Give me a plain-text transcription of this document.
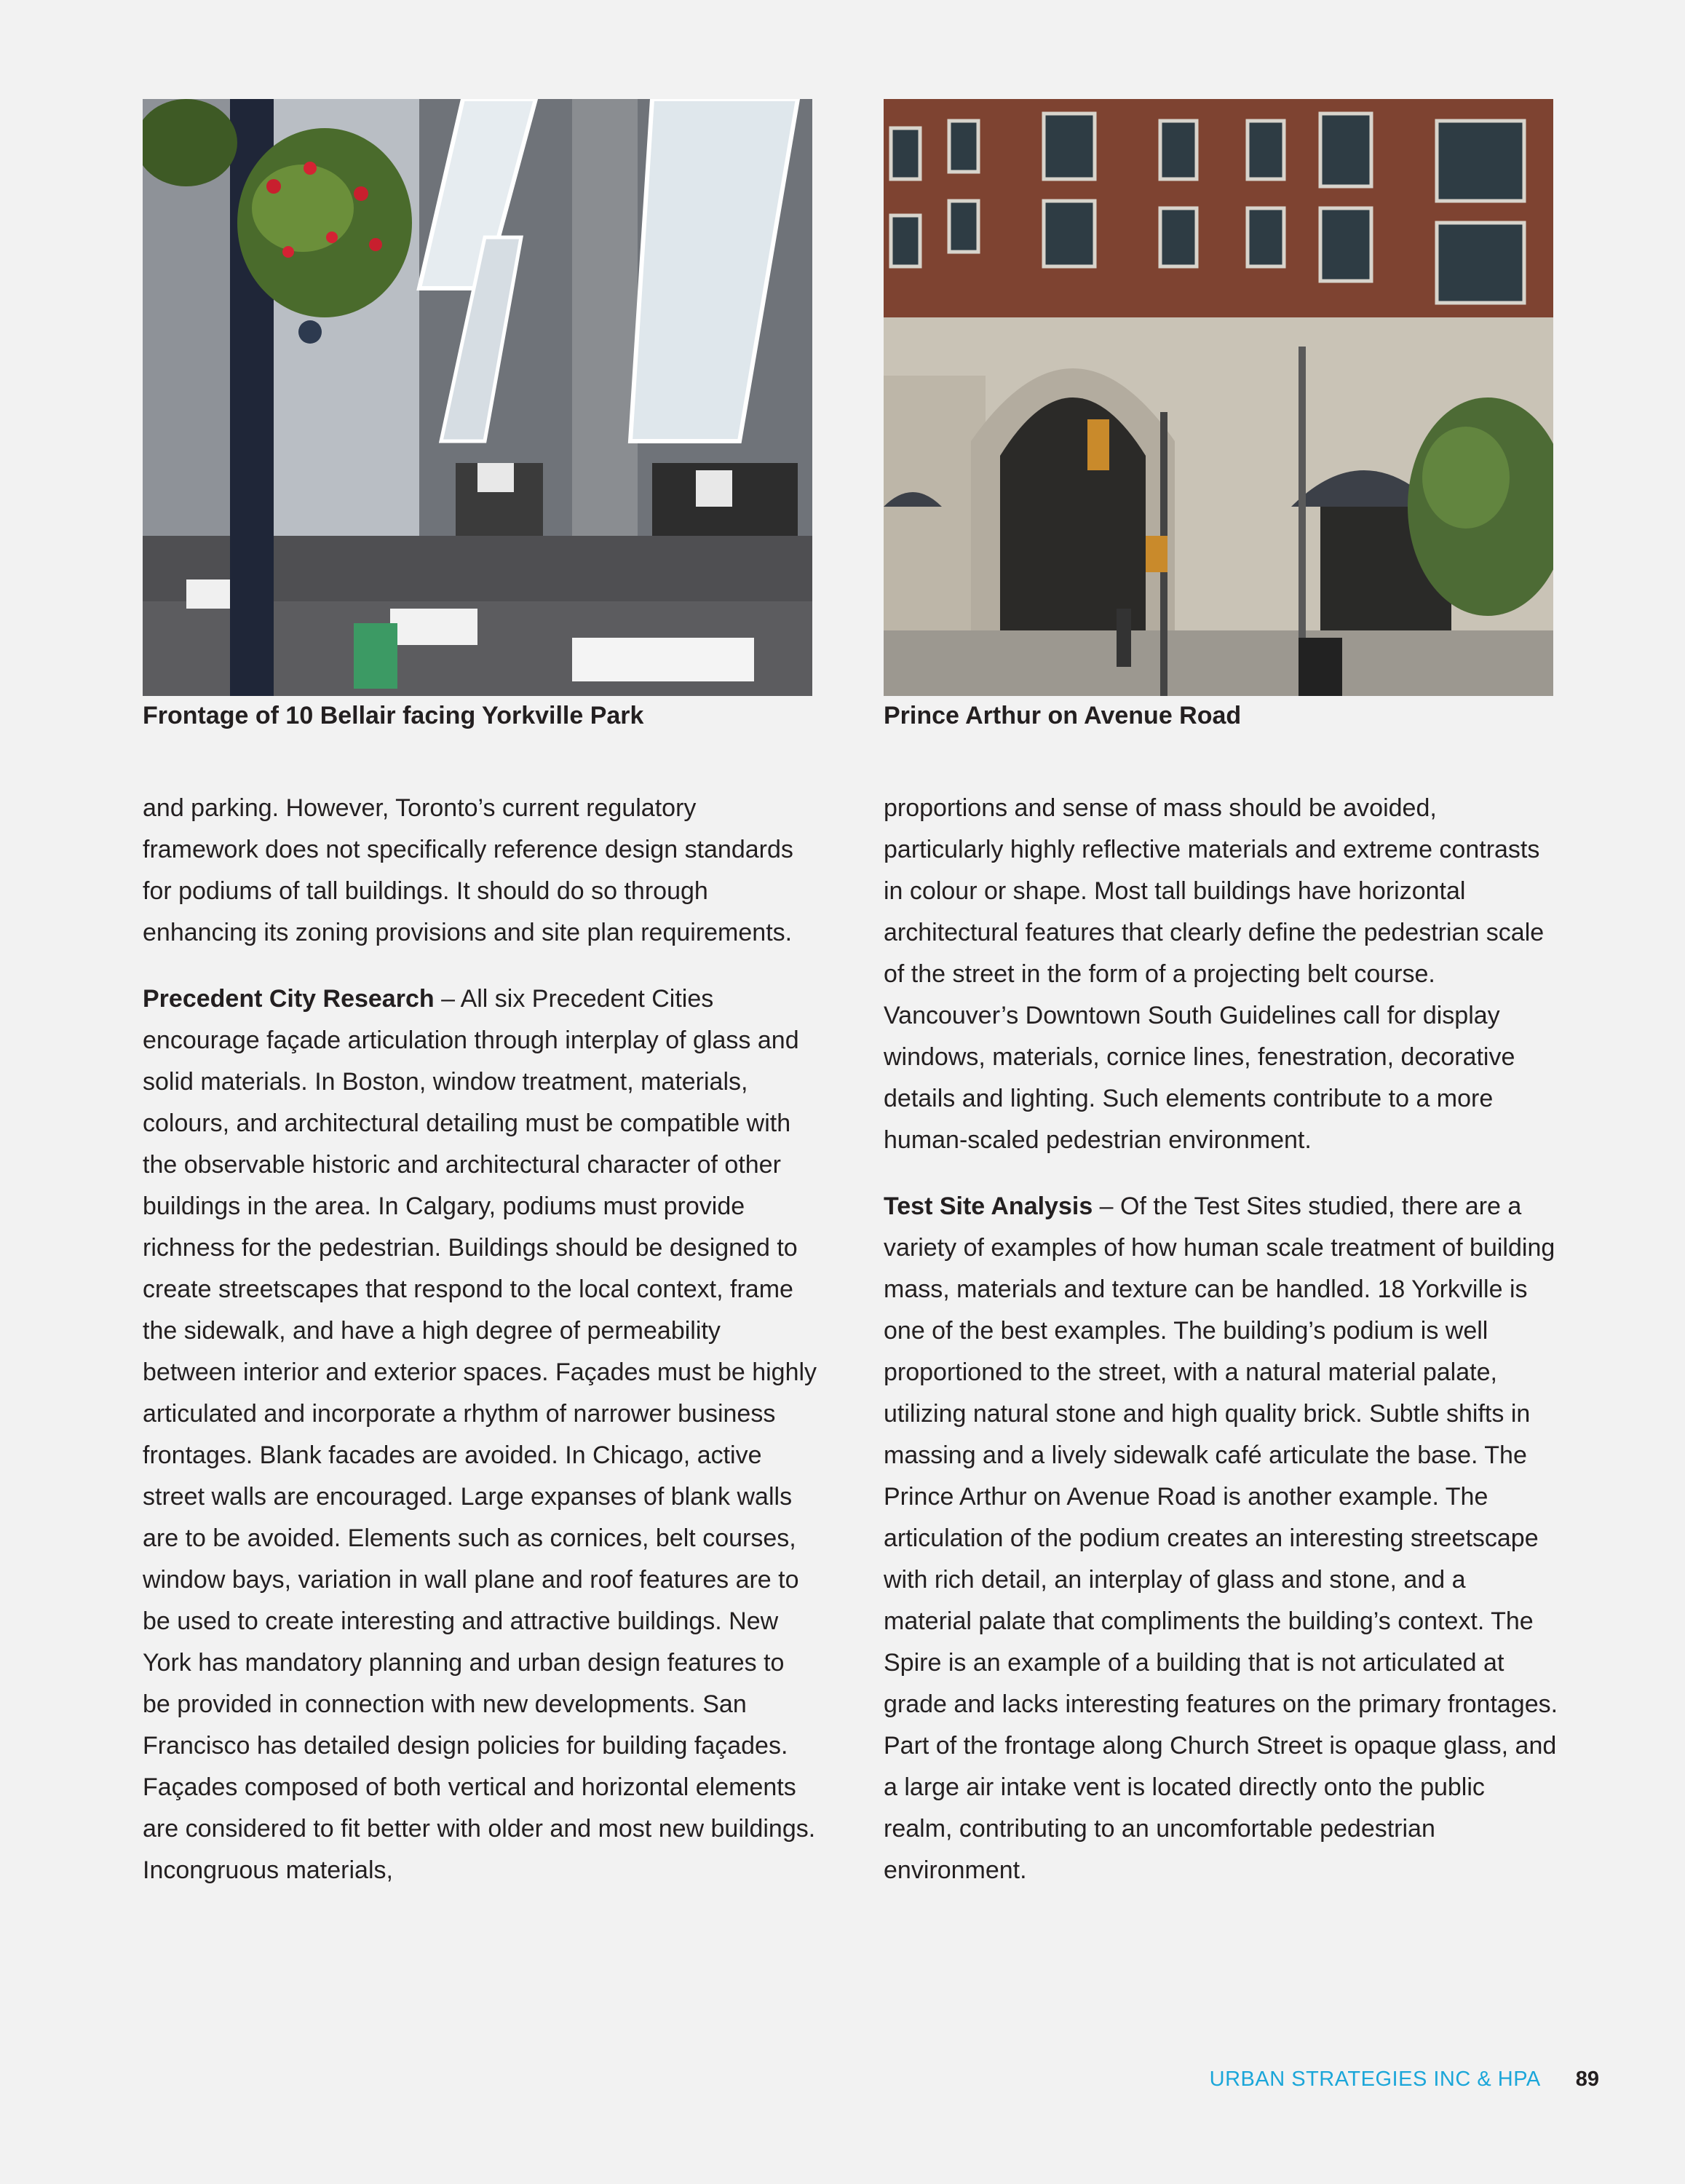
Frontage of 10 Bellair facing Yorkville Park	Prince Arthur on Avenue Road

and parking. However, Toronto’s current regulatory framework does not specifically reference design standards for podiums of tall buildings. It should do so through enhancing its zoning provisions and site plan requirements.

Precedent City Research – All six Precedent Cities encourage façade articulation through interplay of glass and solid materials. In Boston, window treatment, materials, colours, and architectural detailing must be compatible with the observable historic and architectural character of other buildings in the area. In Calgary, podiums must provide richness for the pedestrian. Buildings should be designed to create streetscapes that respond to the local context, frame the sidewalk, and have a high degree of permeability between interior and exterior spaces. Façades must be highly articulated and incorporate a rhythm of narrower business frontages. Blank facades are avoided. In Chicago, active street walls are encouraged. Large expanses of blank walls are to be avoided. Elements such as cornices, belt courses, window bays, variation in wall plane and roof features are to be used to create interesting and attractive buildings. New York has mandatory planning and urban design features to be provided in connection with new developments. San Francisco has detailed design policies for building façades. Façades composed of both vertical and horizontal elements are considered to fit better with older and most new buildings. Incongruous materials,

proportions and sense of mass should be avoided, particularly highly reflective materials and extreme contrasts in colour or shape. Most tall buildings have horizontal architectural features that clearly define the pedestrian scale of the street in the form of a projecting belt course. Vancouver’s Downtown South Guidelines call for display windows, materials, cornice lines, fenestration, decorative details and lighting. Such elements contribute to a more human-scaled pedestrian environment.

Test Site Analysis – Of the Test Sites studied, there are a variety of examples of how human scale treatment of building mass, materials and texture can be handled. 18 Yorkville is one of the best examples. The building’s podium is well proportioned to the street, with a natural material palate, utilizing natural stone and high quality brick. Subtle shifts in massing and a lively sidewalk café articulate the base. The Prince Arthur on Avenue Road is another example. The articulation of the podium creates an interesting streetscape with rich detail, an interplay of glass and stone, and a material palate that compliments the building’s context. The Spire is an example of a building that is not articulated at grade and lacks interesting features on the primary frontages. Part of the frontage along Church Street is opaque glass, and a large air intake vent is located directly onto the public realm, contributing to an uncomfortable pedestrian environment.

URBAN STRATEGIES INC & HPA 89
